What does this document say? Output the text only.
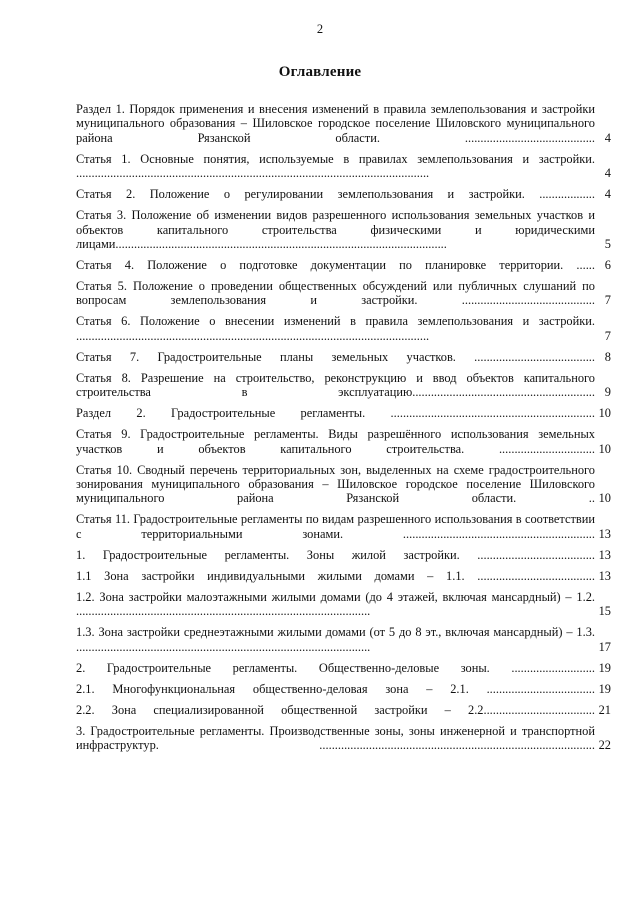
2
Оглавление
Раздел 1. Порядок применения и внесения изменений в правила землепользования и застройки муниципального образования – Шиловское городское поселение Шиловского муниципального района Рязанской области. .......................................... 4
Статья 1. Основные понятия, используемые в правилах землепользования и застройки. ..................................................................................................................	4
Статья 2. Положение о регулировании землепользования и застройки. .................. 4
Статья 3. Положение об изменении видов разрешенного использования земельных участков и объектов капитального строительства физическими и юридическими лицами...........................................................................................................	5
Статья 4. Положение о подготовке документации по планировке территории. ...... 6
Статья 5. Положение о проведении общественных обсуждений или публичных слушаний по вопросам землепользования и застройки. ........................................... 7
Статья 6. Положение о внесении изменений в правила землепользования и застройки. ..................................................................................................................	7
Статья 7. Градостроительные планы земельных участков. ....................................... 8
Статья 8. Разрешение на строительство, реконструкцию и ввод объектов капитального строительства в эксплуатацию........................................................... 9
Раздел 2. Градостроительные регламенты. .................................................................. 10
Статья 9. Градостроительные регламенты. Виды разрешённого использования земельных участков и объектов капитального строительства. ............................... 10
Статья 10. Сводный перечень территориальных зон, выделенных на схеме градостроительного зонирования муниципального образования – Шиловское городское поселение Шиловского муниципального района Рязанской области. .. 10
Статья 11. Градостроительные регламенты по видам разрешенного использования в соответствии с территориальными зонами. .............................................................. 13
1. Градостроительные регламенты. Зоны жилой застройки. ...................................... 13
1.1 Зона застройки индивидуальными жилыми домами – 1.1. ...................................... 13
1.2. Зона застройки малоэтажными жилыми домами (до 4 этажей, включая мансардный) – 1.2. ...............................................................................................	15
1.3. Зона застройки среднеэтажными жилыми домами (от 5 до 8 эт., включая мансардный) – 1.3. ...............................................................................................	17
2. Градостроительные регламенты. Общественно-деловые зоны. ........................... 19
2.1. Многофункциональная общественно-деловая зона – 2.1. ................................... 19
2.2. Зона специализированной общественной застройки – 2.2.................................... 21
3. Градостроительные регламенты. Производственные зоны, зоны инженерной и транспортной инфраструктур. ......................................................................................... 22
